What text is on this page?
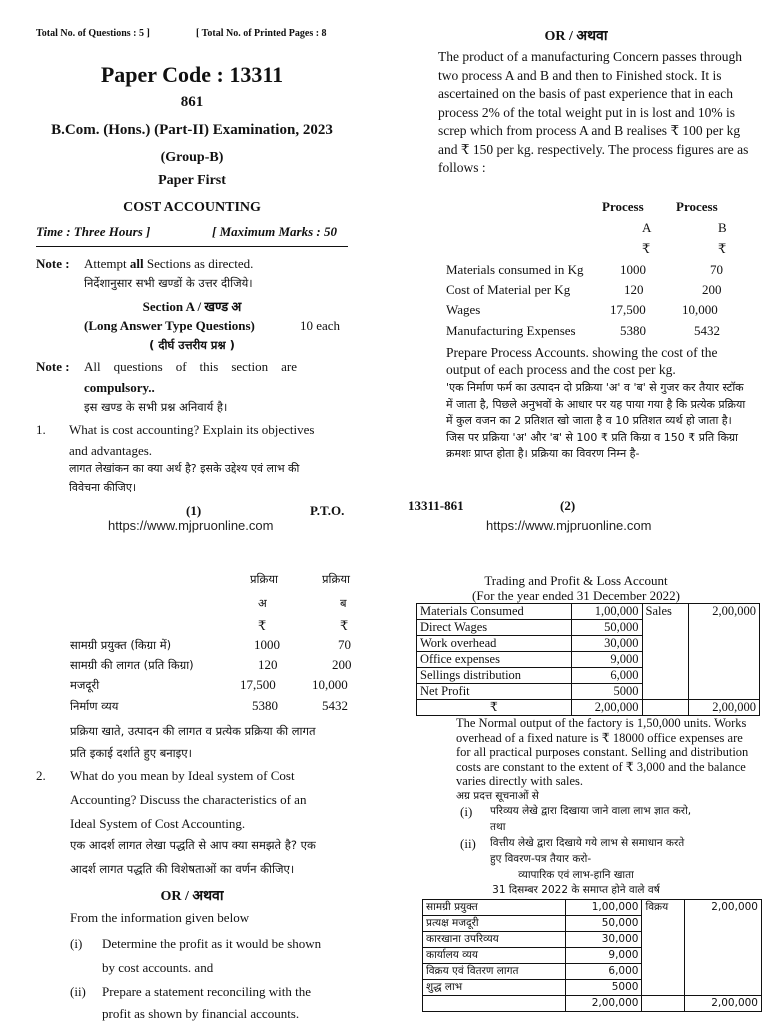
Total No. of Questions : 5 ]	[ Total No. of Printed Pages : 8
Paper Code : 13311
861
B.Com. (Hons.) (Part-II) Examination, 2023
(Group-B)
Paper First
COST ACCOUNTING
Time : Three Hours ]	[ Maximum Marks : 50
Note : Attempt all Sections as directed.
निर्देशानुसार सभी खण्डों के उत्तर दीजिये।
Section A / खण्ड अ
(Long Answer Type Questions)	10 each
( दीर्घ उत्तरीय प्रश्न )
Note : All    questions    of    this    section    are
compulsory..
इस खण्ड के सभी प्रश्न अनिवार्य है।
1. What is cost accounting? Explain its objectives
and advantages.
लागत लेखांकन का क्या अर्थ है? इसके उद्देश्य एवं लाभ की
विवेचना कीजिए।
(1)	P.T.O.
https://www.mjpruonline.com
OR / अथवा
The product of a manufacturing Concern passes through two process A and B and then to Finished stock. It is ascertained on the basis of past experience that in each process 2% of the total weight put in is lost and 10% is screp which from process A and B realises ₹ 100 per kg and ₹ 150 per kg. respectively. The process figures are as follows :
Process Process
A	B
₹	₹
Materials consumed in Kg	1000	70
Cost of Material per Kg	120	200
Wages	17,500	10,000
Manufacturing Expenses	5380	5432
Prepare Process Accounts. showing the cost of the output of each process and the cost per kg.
'एक निर्माण फर्म का उत्पादन दो प्रक्रिया 'अ' व 'ब' से गुजर कर तैयार स्टॉक में जाता है, पिछले अनुभवों के आधार पर यह पाया गया है कि प्रत्येक प्रक्रिया में कुल वजन का 2 प्रतिशत खो जाता है व 10 प्रतिशत व्यर्थ हो जाता है। जिस पर प्रक्रिया 'अ' और 'ब' से 100 ₹ प्रति किग्रा व 150 ₹ प्रति किग्रा क्रमशः प्राप्त होता है। प्रक्रिया का विवरण निम्न है-
13311-861	(2)
https://www.mjpruonline.com
प्रक्रिया	प्रक्रिया
अ	ब
₹	₹
सामग्री प्रयुक्त (किग्रा में)	1000	70
सामग्री की लागत (प्रति किग्रा)	120	200
मजदूरी	17,500	10,000
निर्माण व्यय	5380	5432
प्रक्रिया खाते, उत्पादन की लागत व प्रत्येक प्रक्रिया की लागत
प्रति इकाई दर्शाते हुए बनाइए।
2. What do you mean by Ideal system of Cost
Accounting? Discuss the characteristics of an
Ideal System of Cost Accounting.
एक आदर्श लागत लेखा पद्धति से आप क्या समझते है? एक
आदर्श लागत पद्धति की विशेषताओं का वर्णन कीजिए।
OR / अथवा
From the information given below
(i) Determine the profit as it would be shown
by cost accounts. and
(ii) Prepare a statement reconciling with the
profit as shown by financial accounts.
Trading and Profit & Loss Account
(For the year ended 31 December 2022)
Materials Consumed	1,00,000	Sales	2,00,000
Direct Wages	50,000		
Work overhead	30,000		
Office expenses	9,000		
Sellings distribution	6,000		
Net Profit	5000		
₹	2,00,000		2,00,000
The Normal output of the factory is 1,50,000 units. Works overhead of a fixed nature is ₹ 18000 office expenses are for all practical purposes constant. Selling and distribution costs are constant to the extent of ₹ 3,000 and the balance varies directly with sales.
अग्र प्रदत्त सूचनाओं से
(i) परिव्यय लेखे द्वारा दिखाया जाने वाला लाभ ज्ञात करो,
तथा
(ii) वित्तीय लेखे द्वारा दिखाये गये लाभ से समाधान करते
हुए विवरण-पत्र तैयार करो-
व्यापारिक एवं लाभ-हानि खाता
31 दिसम्बर 2022 के समाप्त होने वाले वर्ष
सामग्री प्रयुक्त	1,00,000	विक्रय	2,00,000
प्रत्यक्ष मजदूरी	50,000		
कारखाना उपरिव्यय	30,000		
कार्यालय व्यय	9,000		
विक्रय एवं वितरण लागत	6,000		
शुद्ध लाभ	5000		
	2,00,000		2,00,000
